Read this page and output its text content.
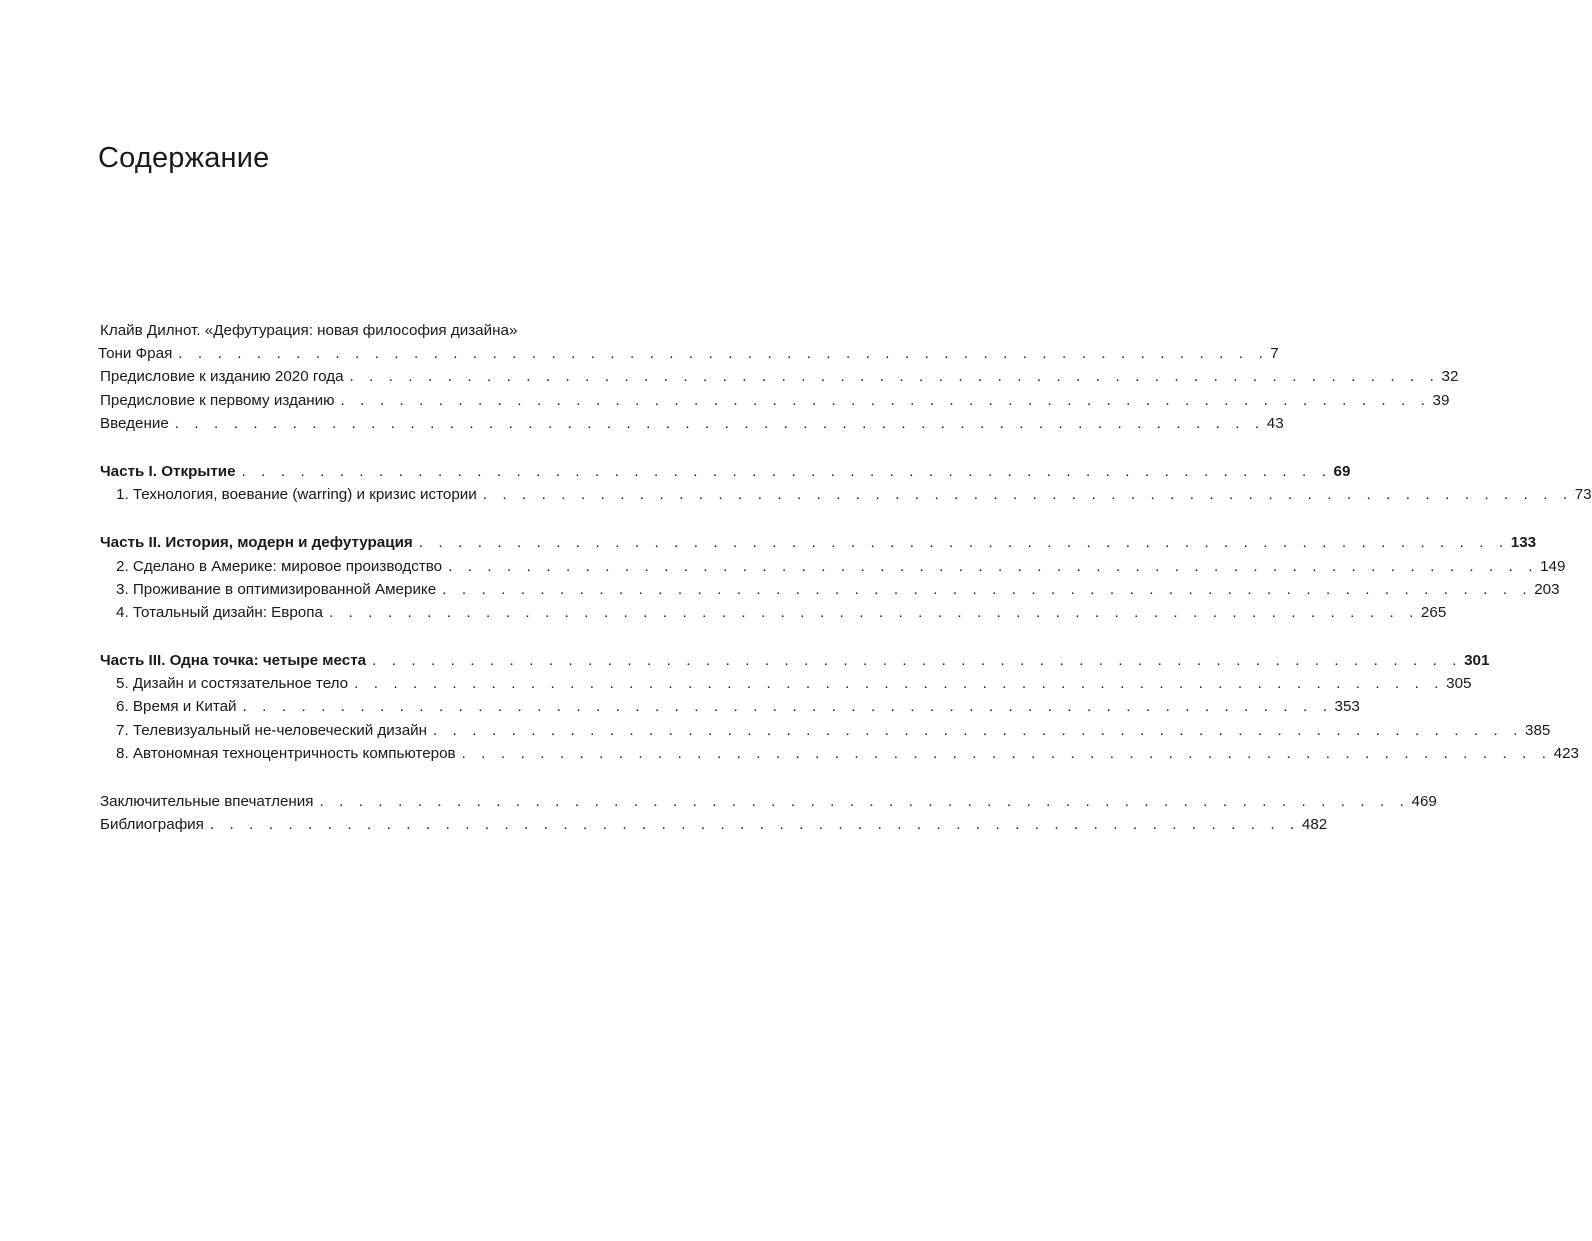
Содержание
Клайв Дилнот. «Дефутурация: новая философия дизайна»
Тони Фрая . . . . . . . . . . . . . . . . . . . . . . . . . . . . . . . . . . . . . . . . . . . . . . . . . . . . . . . . 7
Предисловие к изданию 2020 года . . . . . . . . . . . . . . . . . . . . . . . . . . . . . . . . . . . . . . . . . . . . . . . . . . . . . . . . 32
Предисловие к первому изданию . . . . . . . . . . . . . . . . . . . . . . . . . . . . . . . . . . . . . . . . . . . . . . . . . . . . . . . . 39
Введение . . . . . . . . . . . . . . . . . . . . . . . . . . . . . . . . . . . . . . . . . . . . . . . . . . . . . . . . 43
Часть I. Открытие . . . . . . . . . . . . . . . . . . . . . . . . . . . . . . . . . . . . . . . . . . . . . . . . . . . . . . . . 69
1. Технология, воевание (warring) и кризис истории . . . . . . . . . . . . . . . . . . . . . . . . . . . . . . . . . . . . . . . . . . . . . . . . . . . . . . . . 73
Часть II. История, модерн и дефутурация . . . . . . . . . . . . . . . . . . . . . . . . . . . . . . . . . . . . . . . . . . . . . . . . . . . . . . . . 133
2. Сделано в Америке: мировое производство . . . . . . . . . . . . . . . . . . . . . . . . . . . . . . . . . . . . . . . . . . . . . . . . . . . . . . . . 149
3. Проживание в оптимизированной Америке . . . . . . . . . . . . . . . . . . . . . . . . . . . . . . . . . . . . . . . . . . . . . . . . . . . . . . . . 203
4. Тотальный дизайн: Европа . . . . . . . . . . . . . . . . . . . . . . . . . . . . . . . . . . . . . . . . . . . . . . . . . . . . . . . . 265
Часть III. Одна точка: четыре места . . . . . . . . . . . . . . . . . . . . . . . . . . . . . . . . . . . . . . . . . . . . . . . . . . . . . . . . 301
5. Дизайн и состязательное тело . . . . . . . . . . . . . . . . . . . . . . . . . . . . . . . . . . . . . . . . . . . . . . . . . . . . . . . . 305
6. Время и Китай . . . . . . . . . . . . . . . . . . . . . . . . . . . . . . . . . . . . . . . . . . . . . . . . . . . . . . . . 353
7. Телевизуальный не-человеческий дизайн . . . . . . . . . . . . . . . . . . . . . . . . . . . . . . . . . . . . . . . . . . . . . . . . . . . . . . . . 385
8. Автономная техноцентричность компьютеров . . . . . . . . . . . . . . . . . . . . . . . . . . . . . . . . . . . . . . . . . . . . . . . . . . . . . . . . 423
Заключительные впечатления . . . . . . . . . . . . . . . . . . . . . . . . . . . . . . . . . . . . . . . . . . . . . . . . . . . . . . . . 469
Библиография . . . . . . . . . . . . . . . . . . . . . . . . . . . . . . . . . . . . . . . . . . . . . . . . . . . . . . . . 482
